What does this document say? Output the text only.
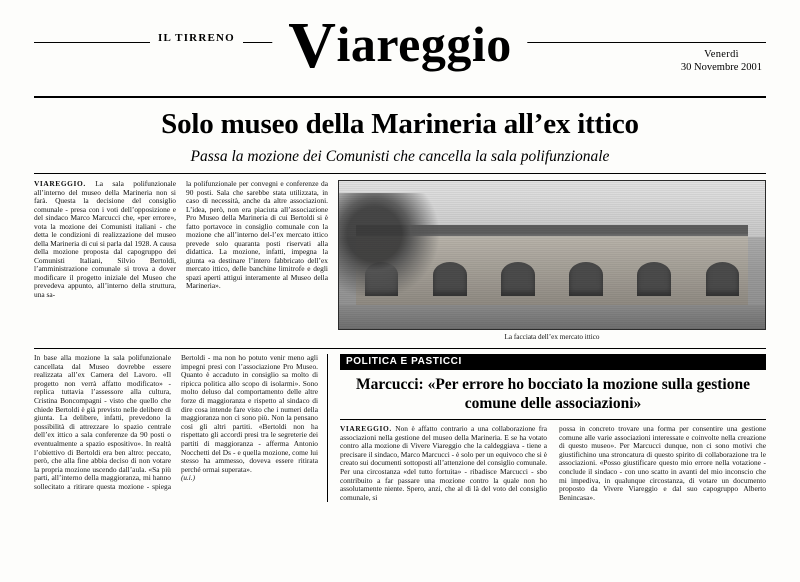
IL TIRRENO Viareggio	Venerdì
30 Novembre 2001
Solo museo della Marineria all’ex ittico
Passa la mozione dei Comunisti che cancella la sala polifunzionale

VIAREGGIO. La sala polifunzionale all’interno del museo della Marineria non si farà. Questa la decisione del consiglio comunale - presa con i voti dell’opposizione e del sindaco Marco Marcucci che, «per errore», vota la mozione dei Comunisti italiani - che detta le condizioni di realizzazione del museo della Marineria di cui si parla dal 1928. A causa della mozione proposta dal capogruppo dei Comunisti Italiani, Silvio Bertoldi, l’amministrazione comunale si trova a dover modificare il progetto iniziale del Museo che prevedeva appunto, all’interno della struttura, una sa-

la polifunzionale per convegni e conferenze da 90 posti. Sala che sarebbe stata utilizzata, in caso di necessità, anche da altre associazioni. L’idea, però, non era piaciuta all’associazione Pro Museo della Marineria di cui Bertoldi si è fatto portavoce in consiglio comunale con la mozione che all’interno del-l’ex mercato ittico prevede solo quaranta posti riservati alla didattica. La mozione, infatti, impegna la giunta «a destinare l’intero fabbricato dell’ex mercato ittico, delle banchine limitrofe e degli spazi aperti attigui interamente al Museo della Marineria».

La facciata dell’ex mercato ittico

In base alla mozione la sala polifunzionale cancellata dal Museo dovrebbe essere realizzata all’ex Camera del Lavoro. «Il progetto non verrà affatto modificato» - replica tuttavia l’assessore alla cultura, Cristina Boncompagni - visto che quello che chiede Bertoldi è già previsto nelle delibere di giunta. La delibere, infatti, prevedono la possibilità di attrezzare lo spazio centrale dell’ex ittico a sala conferenze da 90 posti o eventualmente a spazio espositivo». In realtà l’obiettivo di Bertoldi era ben altro: peccato, però, che alla fine abbia deciso di non votare la propria mozione uscendo dall’aula. «Sa più parti, all’interno della maggioranza, mi hanno sollecitato a ritirare questa mozione - spiega Bertoldi - ma non ho potuto venir meno agli impegni presi con l’associazione Pro Museo. Quanto è accaduto in consiglio sa molto di ripicca politica allo scopo di isolarmi». Sono molto deluso dal comportamento delle altre forze di maggioranza e rispetto al sindaco di dire cosa intende fare visto che i numeri della maggioranza non ci sono più. Non la pensano così gli altri partiti. «Bertoldi non ha rispettato gli accordi presi tra le segreterie dei partiti di maggioranza - afferma Antonio Nocchetti del Ds - e quella mozione, come lui stesso ha ammesso, doveva essere ritirata perché ormai superata».

(u.i.)

POLITICA E PASTICCI
Marcucci: «Per errore ho bocciato la mozione sulla gestione comune delle associazioni»

VIAREGGIO. Non è affatto contrario a una collaborazione fra associazioni nella gestione del museo della Marineria. E se ha votato contro alla mozione di Vivere Viareggio che la caldeggiava - tiene a precisare il sindaco, Marco Marcucci - è solo per un equivoco che si è creato sui documenti sottoposti all’attenzione del consiglio comunale. Per una circostanza «del tutto fortuita» - ribadisce Marcucci - sbo contribuito a far passare una mozione contro la quale non ho assolutamente niente. Spero, anzi, che al di là del voto del consiglio comunale, si

possa in concreto trovare una forma per consentire una gestione comune alle varie associazioni interessate e coinvolte nella creazione di questo museo». Per Marcucci dunque, non ci sono motivi che giustifichino una stroncatura di questo spirito di collaborazione tra le associazioni. «Posso giustificare questo mio errore nella votazione - conclude il sindaco - con uno scatto in avanti del mio inconscio che mi impediva, in qualunque circostanza, di votare un documento proposto da Vivere Viareggio e dal suo capogruppo Alberto Benincasa».
